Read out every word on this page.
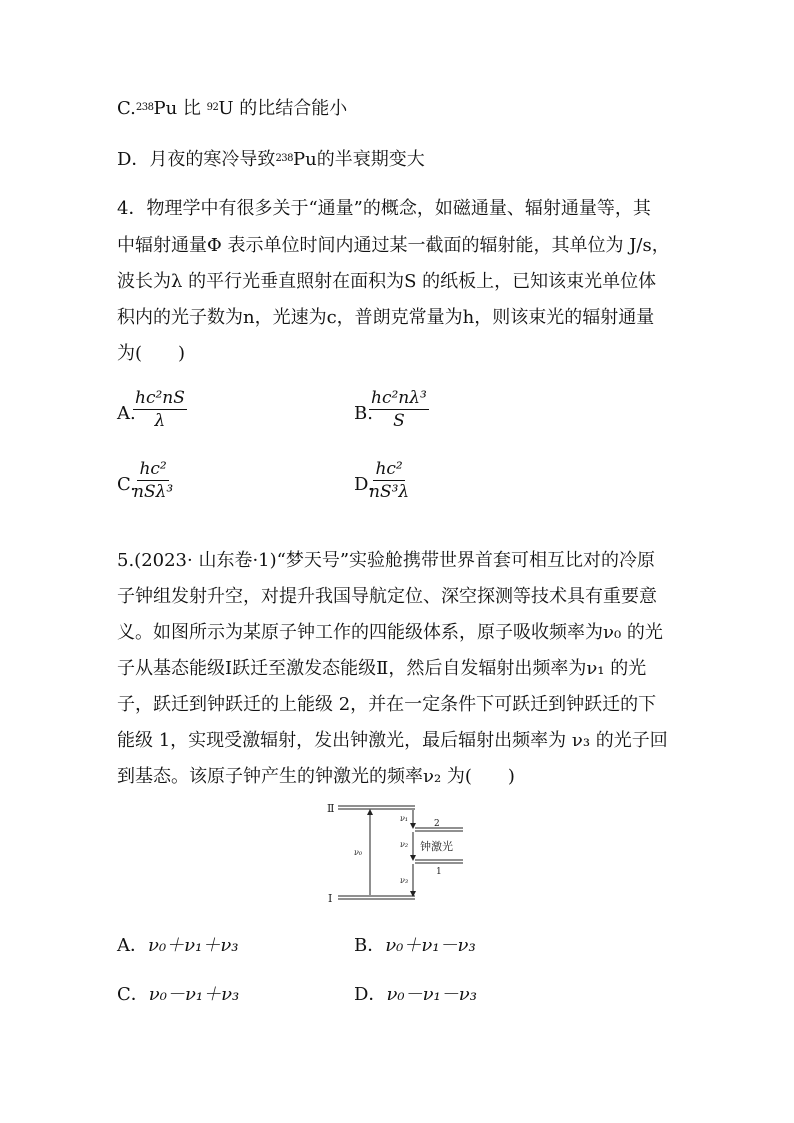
C.$^{238}$Pu 比 $^{92}$U 的比结合能小
D．月夜的寒冷导致$^{238}$Pu的半衰期变大
4．物理学中有很多关于“通量”的概念，如磁通量、辐射通量等，其
中辐射通量Φ 表示单位时间内通过某一截面的辐射能，其单位为 J/s，
波长为λ 的平行光垂直照射在面积为S 的纸板上，已知该束光单位体
积内的光子数为n，光速为c，普朗克常量为h，则该束光的辐射通量
为(　　)
A.
$\frac{\text{hc²nS}}{\lambda}$	B.
$\frac{\text{hc²nλ³}}{S}$
C.
hc²
nSλ³	D.
$\frac{\text{hc²}}{\text{nS³λ}}$
5.(2023· 山东卷·1)“梦天号”实验舱携带世界首套可相互比对的冷原
子钟组发射升空，对提升我国导航定位、深空探测等技术具有重要意
义。如图所示为某原子钟工作的四能级体系，原子吸收频率为ν₀ 的光
子从基态能级Ⅰ跃迁至激发态能级Ⅱ，然后自发辐射出频率为ν₁ 的光
子，跃迁到钟跃迁的上能级 2，并在一定条件下可跃迁到钟跃迁的下
能级 1，实现受激辐射，发出钟激光，最后辐射出频率为 ν₃ 的光子回
到基态。该原子钟产生的钟激光的频率ν₂ 为(　　)
Ⅱ
Ⅰ
2
1
ν₀
ν₁
ν₂
ν₃
钟激光
A．ν₀＋ν₁＋ν₃	B．ν₀＋ν₁－ν₃
C．ν₀－ν₁＋ν₃	D．ν₀－ν₁－ν₃
